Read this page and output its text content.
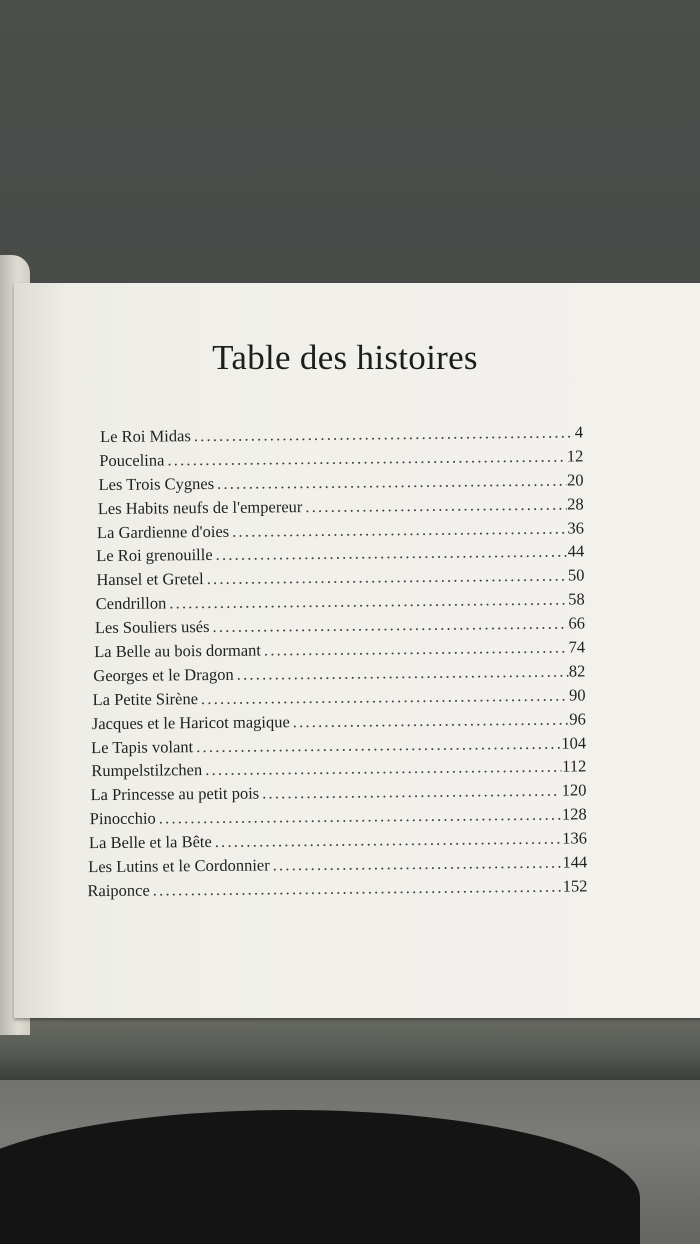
Table des histoires
Le Roi Midas .....	4
Poucelina .....	12
Les Trois Cygnes .....	20
Les Habits neufs de l'empereur .....	28
La Gardienne d'oies .....	36
Le Roi grenouille .....	44
Hansel et Gretel .....	50
Cendrillon .....	58
Les Souliers usés .....	66
La Belle au bois dormant .....	74
Georges et le Dragon .....	82
La Petite Sirène .....	90
Jacques et le Haricot magique .....	96
Le Tapis volant .....	104
Rumpelstilzchen .....	112
La Princesse au petit pois .....	120
Pinocchio .....	128
La Belle et la Bête .....	136
Les Lutins et le Cordonnier .....	144
Raiponce .....	152
